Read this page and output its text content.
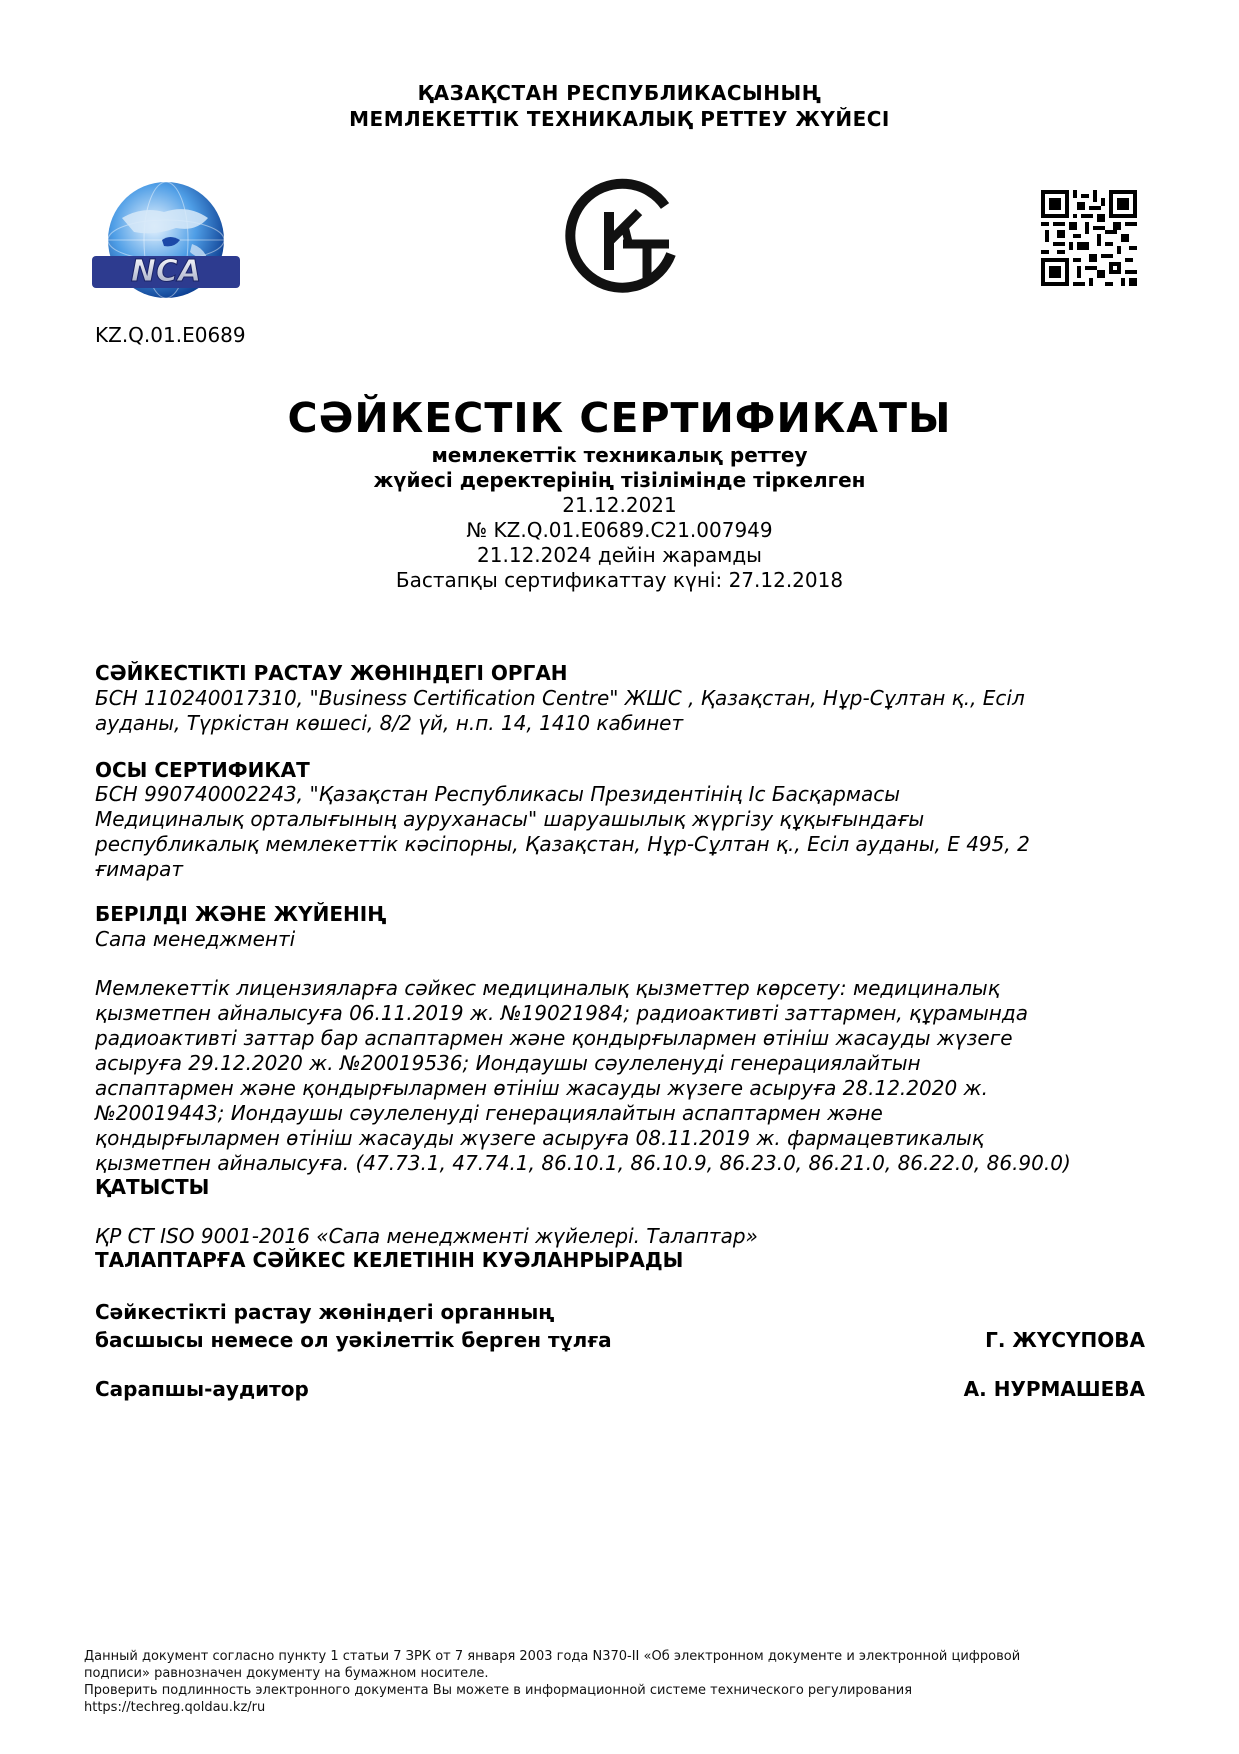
ҚАЗАҚСТАН РЕСПУБЛИКАСЫНЫҢ
МЕМЛЕКЕТТІК ТЕХНИКАЛЫҚ РЕТТЕУ ЖҮЙЕСІ
NCA
КТ
KZ.Q.01.E0689
СӘЙКЕСТІК СЕРТИФИКАТЫ
мемлекеттік техникалық реттеу
жүйесі деректерінің тізілімінде тіркелген
21.12.2021
№ KZ.Q.01.E0689.C21.007949
21.12.2024 дейін жарамды
Бастапқы сертификаттау күні: 27.12.2018
СӘЙКЕСТІКТІ РАСТАУ ЖӨНІНДЕГІ ОРГАН
БСН 110240017310, "Business Certification Centre" ЖШС , Қазақстан, Нұр-Сұлтан қ., Есіл
ауданы, Түркістан көшесі, 8/2 үй, н.п. 14, 1410 кабинет
ОСЫ СЕРТИФИКАТ
БСН 990740002243, "Қазақстан Республикасы Президентінің Іс Басқармасы
Медициналық орталығының ауруханасы" шаруашылық жүргізу құқығындағы
республикалық мемлекеттік кәсіпорны, Қазақстан, Нұр-Сұлтан қ., Есіл ауданы, Е 495, 2
ғимарат
БЕРІЛДІ ЖӘНЕ ЖҮЙЕНІҢ
Сапа менеджменті
Мемлекеттік лицензияларға сәйкес медициналық қызметтер көрсету: медициналық
қызметпен айналысуға 06.11.2019 ж. №19021984; радиоактивті заттармен, құрамында
радиоактивті заттар бар аспаптармен және қондырғылармен өтініш жасауды жүзеге
асыруға 29.12.2020 ж. №20019536; Иондаушы сәулеленуді генерациялайтын
аспаптармен және қондырғылармен өтініш жасауды жүзеге асыруға 28.12.2020 ж.
№20019443; Иондаушы сәулеленуді генерациялайтын аспаптармен және
қондырғылармен өтініш жасауды жүзеге асыруға 08.11.2019 ж. фармацевтикалық
қызметпен айналысуға. (47.73.1, 47.74.1, 86.10.1, 86.10.9, 86.23.0, 86.21.0, 86.22.0, 86.90.0)
ҚАТЫСТЫ
ҚР СТ ISO 9001-2016 «Сапа менеджменті жүйелері. Талаптар»
ТАЛАПТАРҒА СӘЙКЕС КЕЛЕТІНІН КУӘЛАНРЫРАДЫ
Сәйкестікті растау жөніндегі органның
басшысы немесе ол уәкілеттік берген тұлға	Г. ЖҮСҮПОВА
Сарапшы-аудитор	А. НУРМАШЕВА
Данный документ согласно пункту 1 статьи 7 ЗРК от 7 января 2003 года N370-II «Об электронном документе и электронной цифровой
подписи» равнозначен документу на бумажном носителе.
Проверить подлинность электронного документа Вы можете в информационной системе технического регулирования
https://techreg.qoldau.kz/ru
